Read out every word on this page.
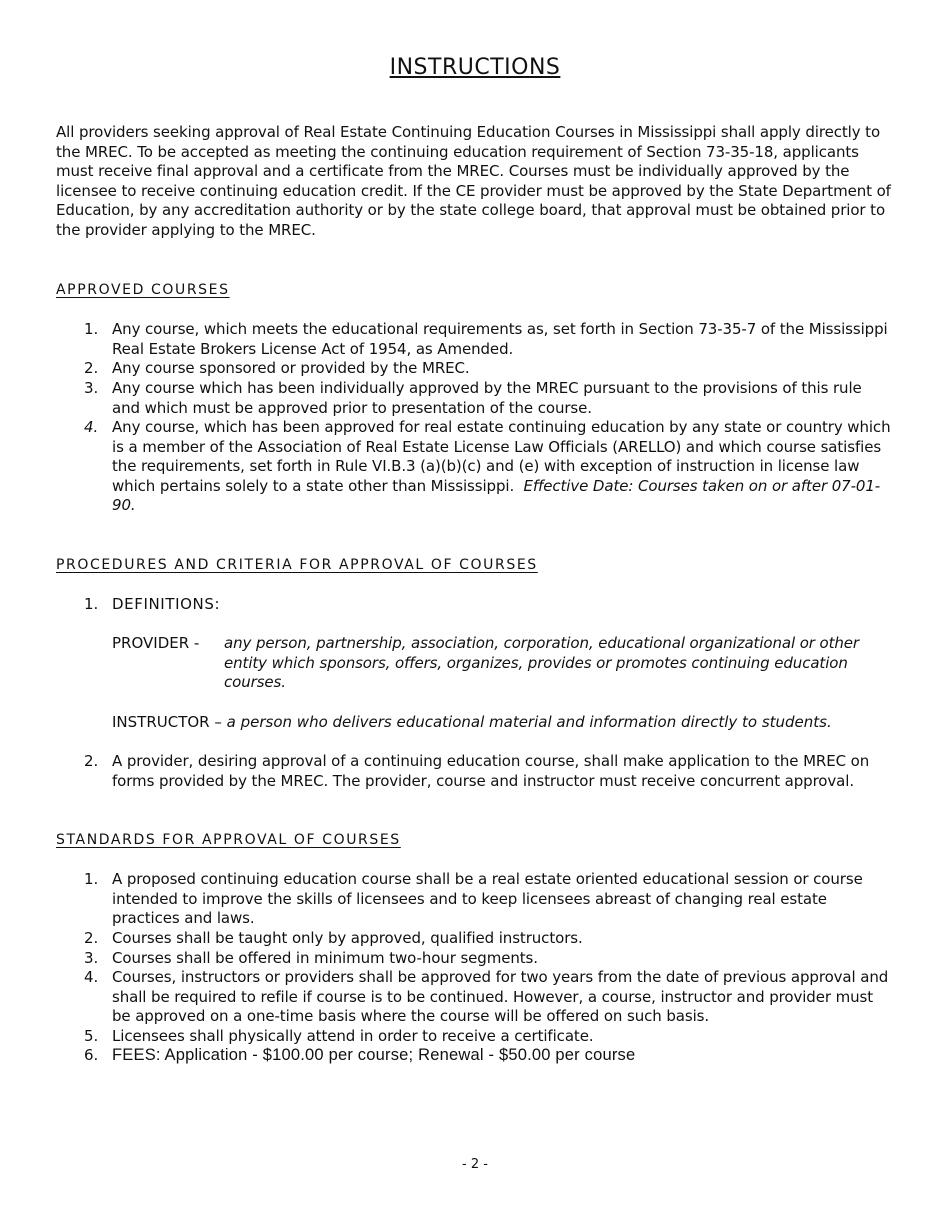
INSTRUCTIONS
All providers seeking approval of Real Estate Continuing Education Courses in Mississippi shall apply directly to the MREC. To be accepted as meeting the continuing education requirement of Section 73-35-18, applicants must receive final approval and a certificate from the MREC. Courses must be individually approved by the licensee to receive continuing education credit. If the CE provider must be approved by the State Department of Education, by any accreditation authority or by the state college board, that approval must be obtained prior to the provider applying to the MREC.
APPROVED COURSES
1. Any course, which meets the educational requirements as, set forth in Section 73-35-7 of the Mississippi Real Estate Brokers License Act of 1954, as Amended.
2. Any course sponsored or provided by the MREC.
3. Any course which has been individually approved by the MREC pursuant to the provisions of this rule and which must be approved prior to presentation of the course.
4. Any course, which has been approved for real estate continuing education by any state or country which is a member of the Association of Real Estate License Law Officials (ARELLO) and which course satisfies the requirements, set forth in Rule VI.B.3 (a)(b)(c) and (e) with exception of instruction in license law which pertains solely to a state other than Mississippi. Effective Date: Courses taken on or after 07-01-90.
PROCEDURES AND CRITERIA FOR APPROVAL OF COURSES
1. DEFINITIONS:
PROVIDER - any person, partnership, association, corporation, educational organizational or other entity which sponsors, offers, organizes, provides or promotes continuing education courses.
INSTRUCTOR – a person who delivers educational material and information directly to students.
2. A provider, desiring approval of a continuing education course, shall make application to the MREC on forms provided by the MREC. The provider, course and instructor must receive concurrent approval.
STANDARDS FOR APPROVAL OF COURSES
1. A proposed continuing education course shall be a real estate oriented educational session or course intended to improve the skills of licensees and to keep licensees abreast of changing real estate practices and laws.
2. Courses shall be taught only by approved, qualified instructors.
3. Courses shall be offered in minimum two-hour segments.
4. Courses, instructors or providers shall be approved for two years from the date of previous approval and shall be required to refile if course is to be continued. However, a course, instructor and provider must be approved on a one-time basis where the course will be offered on such basis.
5. Licensees shall physically attend in order to receive a certificate.
6. FEES: Application - $100.00 per course; Renewal - $50.00 per course
- 2 -
